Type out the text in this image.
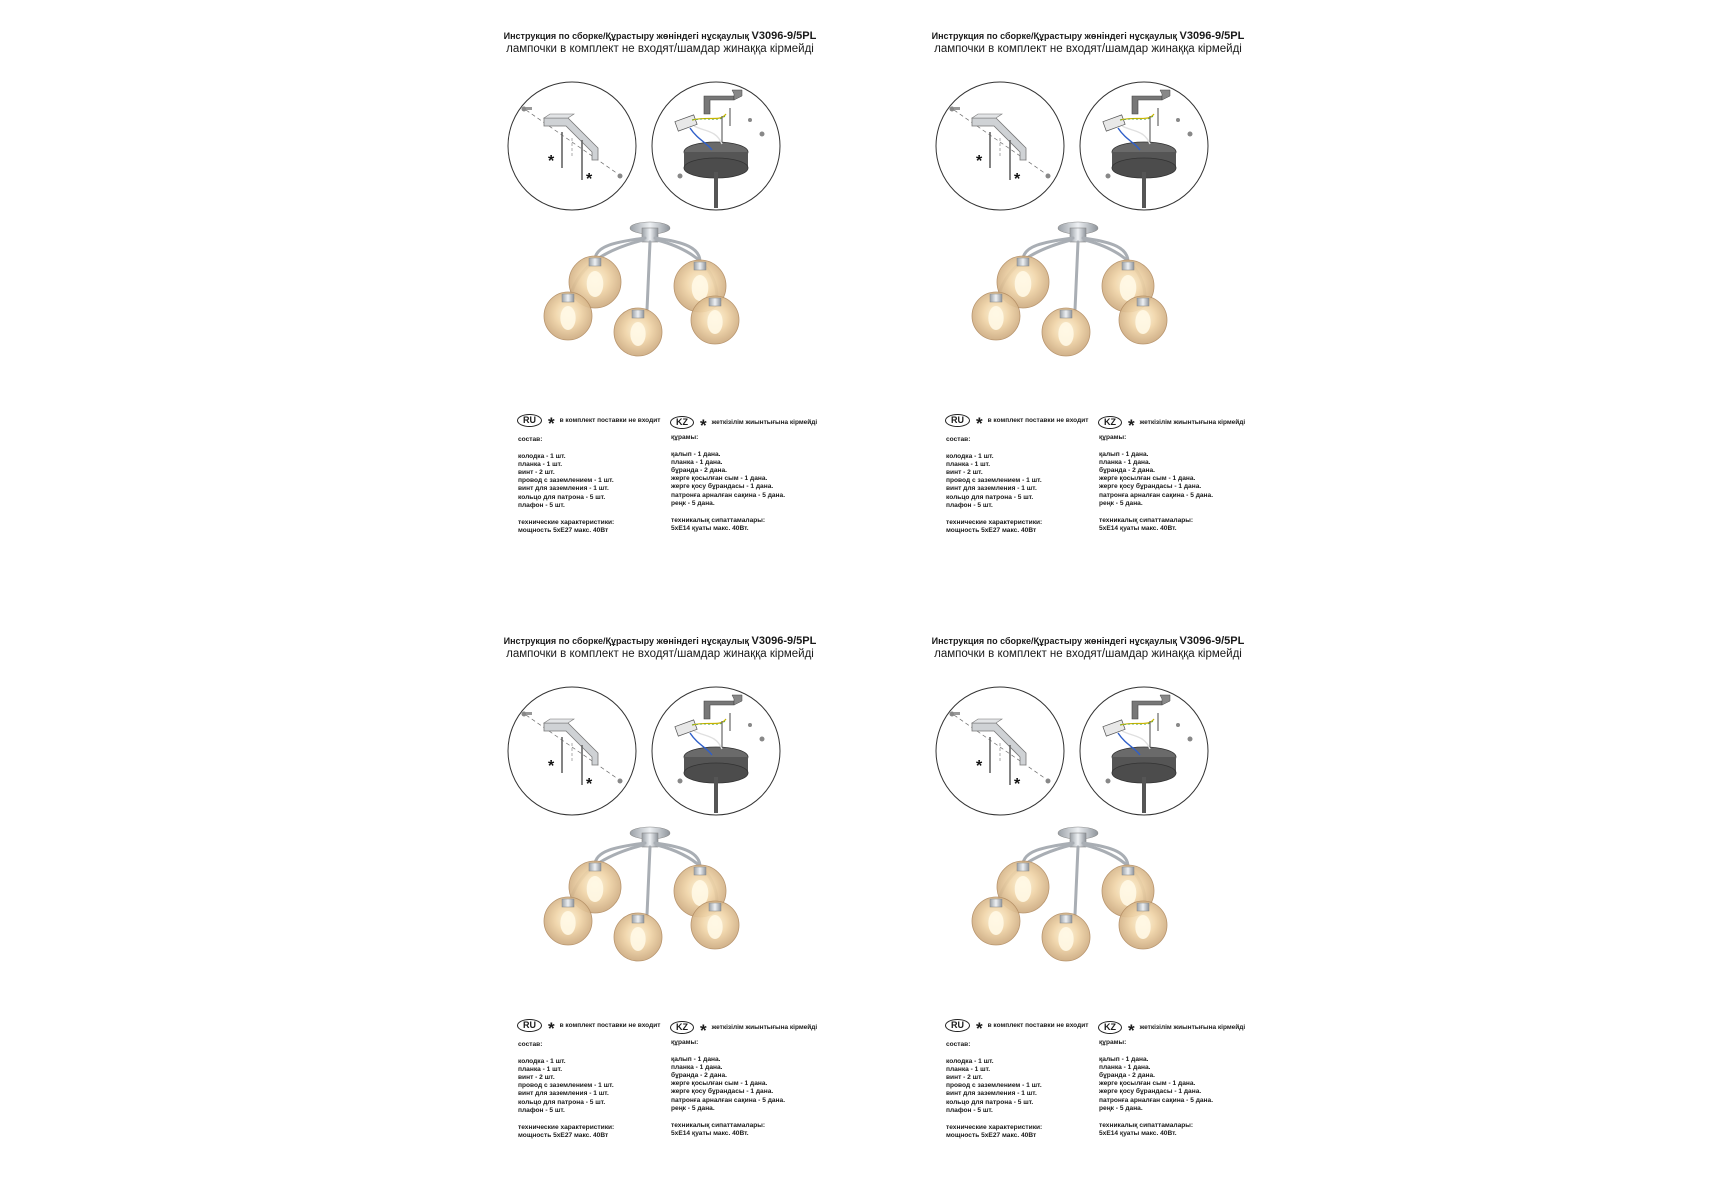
Инструкция по сборке/Құрастыру жөніндегі нұсқаулық V3096-9/5PL
лампочки в комплект не входят/шамдар жинаққа кірмейді
*
*
RU * в комплект поставки не входит	KZ * жеткізілім жиынтығына кірмейді
состав:
колодка - 1 шт.
планка - 1 шт.
винт - 2 шт.
провод с заземлением - 1 шт.
винт для заземления - 1 шт.
кольцо для патрона - 5 шт.
плафон - 5 шт.
технические характеристики:
мощность 5xE27 макс. 40Вт
құрамы:
қалып - 1 дана.
планка - 1 дана.
бұранда - 2 дана.
жерге қосылған сым - 1 дана.
жерге қосу бұрандасы - 1 дана.
патронға арналған сақина - 5 дана.
реңк - 5 дана.
техникалық сипаттамалары:
5xE14 қуаты макс. 40Вт.
Инструкция по сборке/Құрастыру жөніндегі нұсқаулық V3096-9/5PL
лампочки в комплект не входят/шамдар жинаққа кірмейді
*
*
RU * в комплект поставки не входит	KZ * жеткізілім жиынтығына кірмейді
состав:
колодка - 1 шт.
планка - 1 шт.
винт - 2 шт.
провод с заземлением - 1 шт.
винт для заземления - 1 шт.
кольцо для патрона - 5 шт.
плафон - 5 шт.
технические характеристики:
мощность 5xE27 макс. 40Вт
құрамы:
қалып - 1 дана.
планка - 1 дана.
бұранда - 2 дана.
жерге қосылған сым - 1 дана.
жерге қосу бұрандасы - 1 дана.
патронға арналған сақина - 5 дана.
реңк - 5 дана.
техникалық сипаттамалары:
5xE14 қуаты макс. 40Вт.
Инструкция по сборке/Құрастыру жөніндегі нұсқаулық V3096-9/5PL
лампочки в комплект не входят/шамдар жинаққа кірмейді
*
*
RU * в комплект поставки не входит	KZ * жеткізілім жиынтығына кірмейді
состав:
колодка - 1 шт.
планка - 1 шт.
винт - 2 шт.
провод с заземлением - 1 шт.
винт для заземления - 1 шт.
кольцо для патрона - 5 шт.
плафон - 5 шт.
технические характеристики:
мощность 5xE27 макс. 40Вт
құрамы:
қалып - 1 дана.
планка - 1 дана.
бұранда - 2 дана.
жерге қосылған сым - 1 дана.
жерге қосу бұрандасы - 1 дана.
патронға арналған сақина - 5 дана.
реңк - 5 дана.
техникалық сипаттамалары:
5xE14 қуаты макс. 40Вт.
Инструкция по сборке/Құрастыру жөніндегі нұсқаулық V3096-9/5PL
лампочки в комплект не входят/шамдар жинаққа кірмейді
*
*
RU * в комплект поставки не входит	KZ * жеткізілім жиынтығына кірмейді
состав:
колодка - 1 шт.
планка - 1 шт.
винт - 2 шт.
провод с заземлением - 1 шт.
винт для заземления - 1 шт.
кольцо для патрона - 5 шт.
плафон - 5 шт.
технические характеристики:
мощность 5xE27 макс. 40Вт
құрамы:
қалып - 1 дана.
планка - 1 дана.
бұранда - 2 дана.
жерге қосылған сым - 1 дана.
жерге қосу бұрандасы - 1 дана.
патронға арналған сақина - 5 дана.
реңк - 5 дана.
техникалық сипаттамалары:
5xE14 қуаты макс. 40Вт.
